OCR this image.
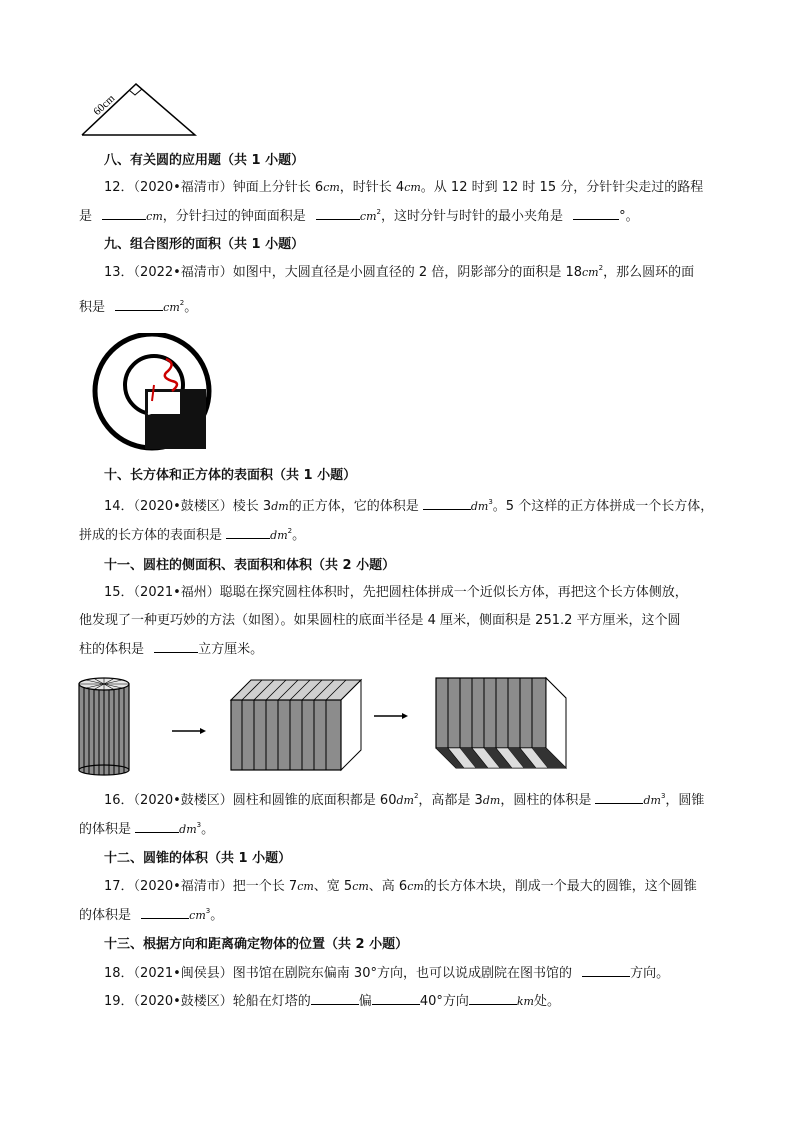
60cm
八、有关圆的应用题（共 1 小题）
12．（2020•福清市）钟面上分针长 6cm，时针长 4cm。从 12 时到 12 时 15 分，分针针尖走过的路程
是	cm，分针扫过的钟面面积是	$cm^2$，这时分针与时针的最小夹角是	°。
九、组合图形的面积（共 1 小题）
13．（2022•福清市）如图中，大圆直径是小圆直径的 2 倍，阴影部分的面积是 $18cm^2$，那么圆环的面
积是	$cm^2$。
十、长方体和正方体的表面积（共 1 小题）
14．（2020•鼓楼区）棱长 3dm的正方体，它的体积是	$dm^3$。5 个这样的正方体拼成一个长方体，
拼成的长方体的表面积是	$dm^2$。
十一、圆柱的侧面积、表面积和体积（共 2 小题）
15．（2021•福州）聪聪在探究圆柱体积时，先把圆柱体拼成一个近似长方体，再把这个长方体侧放，
他发现了一种更巧妙的方法（如图）。如果圆柱的底面半径是 4 厘米，侧面积是 251.2 平方厘米，这个圆
柱的体积是	立方厘米。
16．（2020•鼓楼区）圆柱和圆锥的底面积都是 $60dm^2$，高都是 3dm，圆柱的体积是	$dm^3$，圆锥
的体积是	$dm^3$。
十二、圆锥的体积（共 1 小题）
17．（2020•福清市）把一个长 7cm、宽 5cm、高 6cm的长方体木块，削成一个最大的圆锥，这个圆锥
的体积是	$cm^3$。
十三、根据方向和距离确定物体的位置（共 2 小题）
18．（2021•闽侯县）图书馆在剧院东偏南 30°方向，也可以说成剧院在图书馆的	方向。
19．（2020•鼓楼区）轮船在灯塔的	偏	40°方向	km处。
